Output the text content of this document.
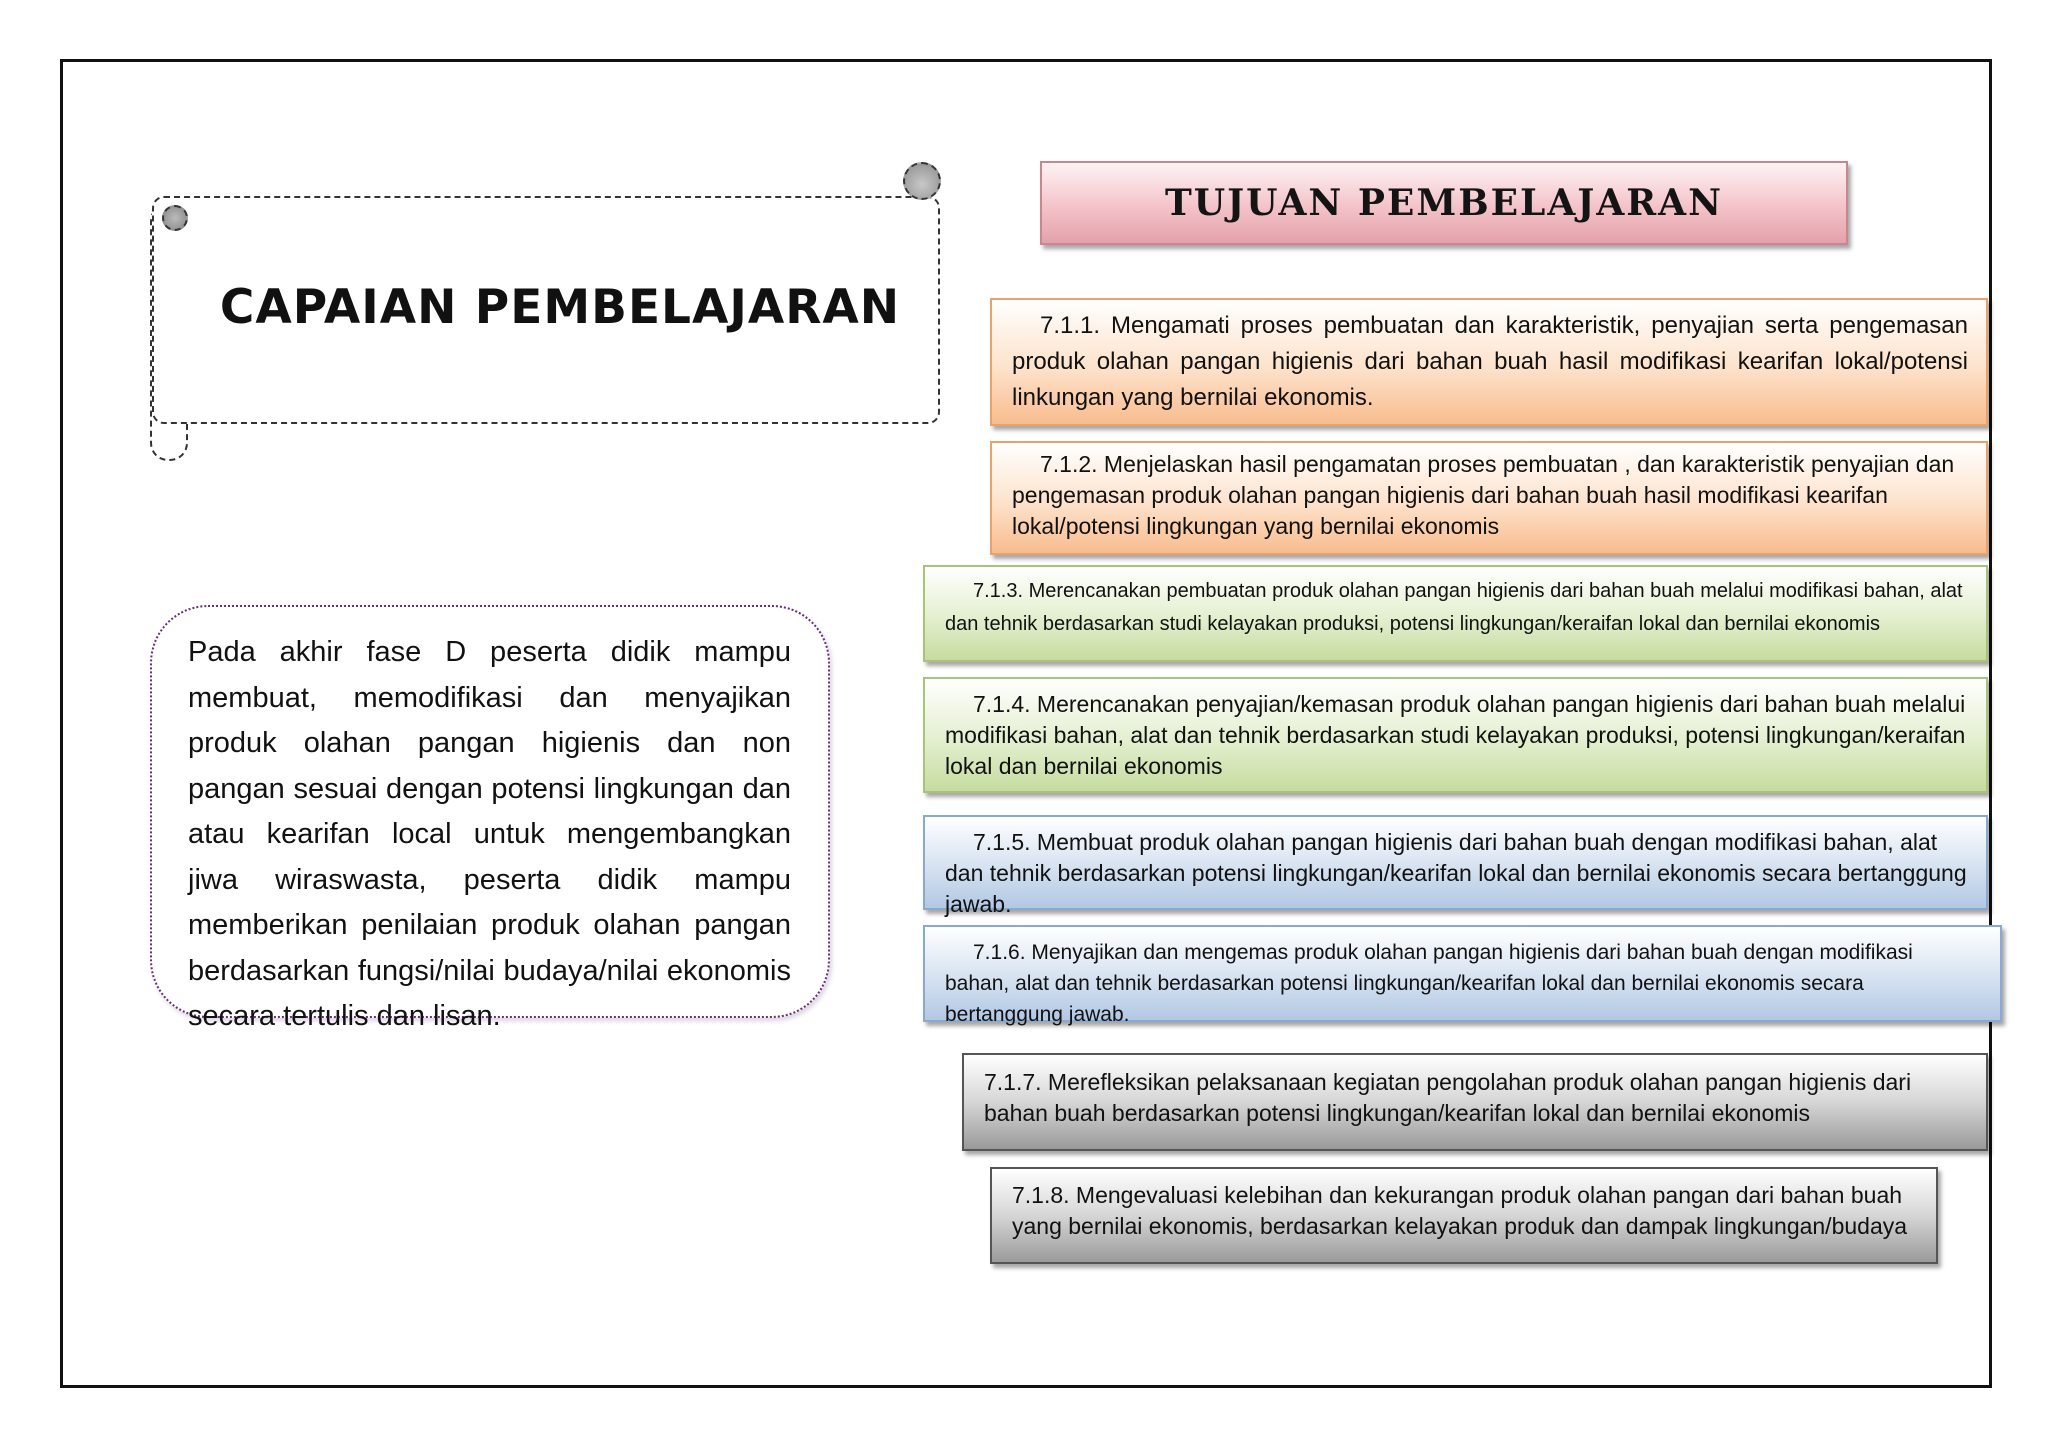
CAPAIAN PEMBELAJARAN

Pada akhir fase D peserta didik mampu membuat, memodifikasi dan menyajikan produk olahan pangan higienis dan non pangan sesuai dengan potensi lingkungan dan atau kearifan local untuk mengembangkan jiwa wiraswasta, peserta didik mampu memberikan penilaian produk olahan pangan berdasarkan fungsi/nilai budaya/nilai ekonomis secara tertulis dan lisan.

TUJUAN PEMBELAJARAN

7.1.1. Mengamati proses pembuatan dan karakteristik, penyajian serta pengemasan produk olahan pangan higienis dari bahan buah hasil modifikasi kearifan lokal/potensi linkungan yang bernilai ekonomis.

7.1.2. Menjelaskan hasil pengamatan proses pembuatan , dan karakteristik penyajian dan pengemasan produk olahan pangan higienis dari bahan buah hasil modifikasi kearifan lokal/potensi lingkungan yang bernilai ekonomis

7.1.3. Merencanakan pembuatan produk olahan pangan higienis dari bahan buah melalui modifikasi bahan, alat dan tehnik berdasarkan studi kelayakan produksi, potensi lingkungan/keraifan lokal dan bernilai ekonomis

7.1.4. Merencanakan penyajian/kemasan produk olahan pangan higienis dari bahan buah melalui modifikasi bahan, alat dan tehnik berdasarkan studi kelayakan produksi, potensi lingkungan/keraifan lokal dan bernilai ekonomis

7.1.5. Membuat produk olahan pangan higienis dari bahan buah dengan modifikasi bahan, alat dan tehnik berdasarkan potensi lingkungan/kearifan lokal dan bernilai ekonomis secara bertanggung jawab.

7.1.6. Menyajikan dan mengemas produk olahan pangan higienis dari bahan buah dengan modifikasi bahan, alat dan tehnik berdasarkan potensi lingkungan/kearifan lokal dan bernilai ekonomis secara bertanggung jawab.

7.1.7. Merefleksikan pelaksanaan kegiatan pengolahan produk olahan pangan higienis dari bahan buah berdasarkan potensi lingkungan/kearifan lokal dan bernilai ekonomis

7.1.8. Mengevaluasi kelebihan dan kekurangan produk olahan pangan dari bahan buah yang bernilai ekonomis, berdasarkan kelayakan produk dan dampak lingkungan/budaya
